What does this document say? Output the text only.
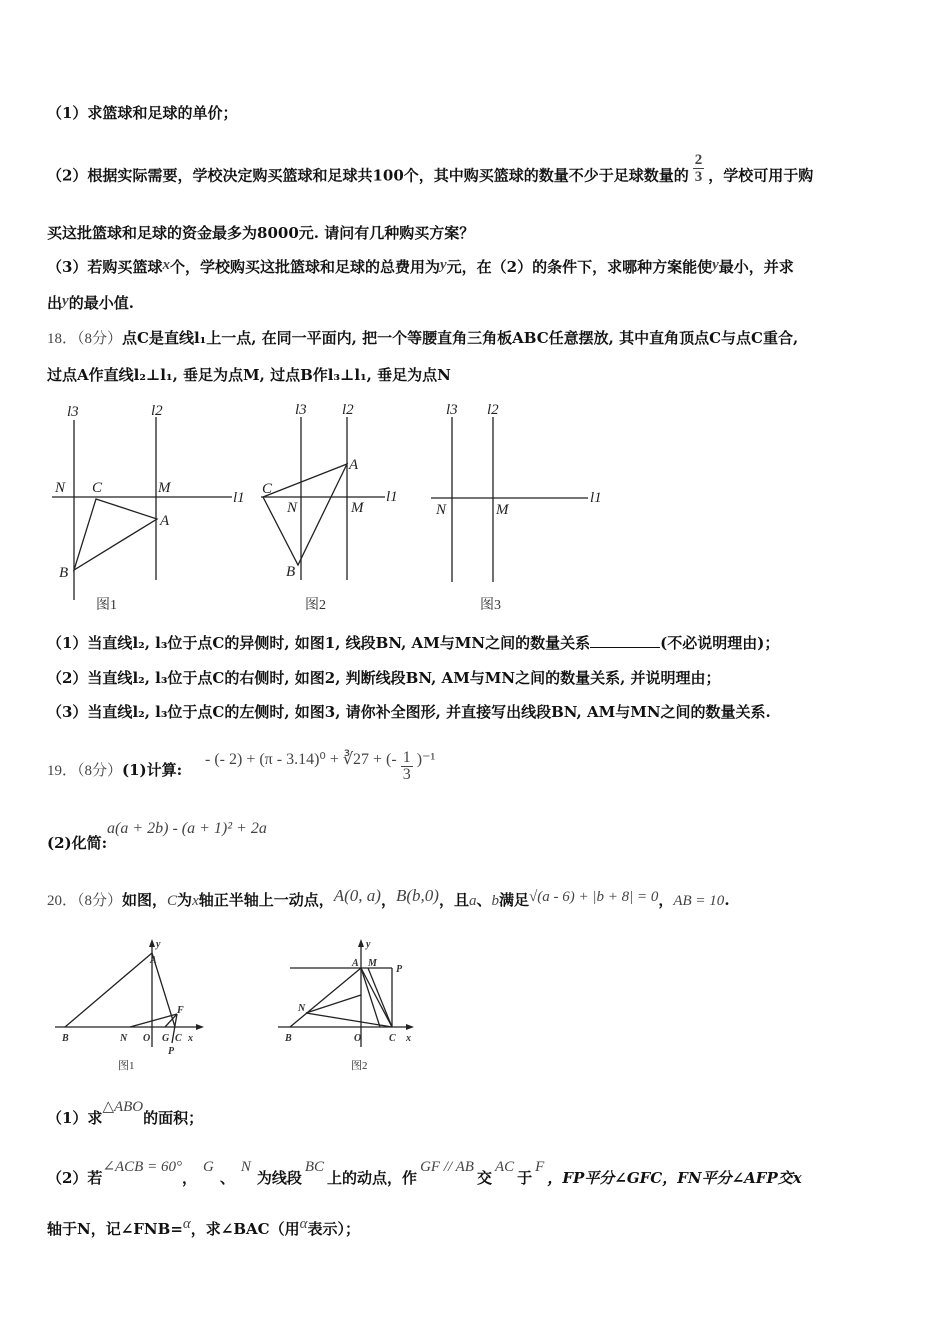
（1）求篮球和足球的单价；
（2）根据实际需要，学校决定购买篮球和足球共100个，其中购买篮球的数量不少于足球数量的 $\frac{2}{3}$ ，学校可用于购
买这批篮球和足球的资金最多为8000元. 请问有几种购买方案？
（3）若购买篮球x个，学校购买这批篮球和足球的总费用为y元，在（2）的条件下，求哪种方案能使y最小，并求
出y的最小值.
18．（8分）点C是直线l₁上一点, 在同一平面内, 把一个等腰直角三角板ABC任意摆放, 其中直角顶点C与点C重合,
过点A作直线l₂⊥l₁, 垂足为点M, 过点B作l₃⊥l₁, 垂足为点N
l3	l2
l1
N C	M
A
B
l3 l2
l1
C
N	M
A
B
l3 l2
l1
N	M
图1	图2	图3
（1）当直线l₂, l₃位于点C的异侧时, 如图1, 线段BN, AM与MN之间的数量关系	(不必说明理由)；
（2）当直线l₂, l₃位于点C的右侧时, 如图2, 判断线段BN, AM与MN之间的数量关系, 并说明理由；
（3）当直线l₂, l₃位于点C的左侧时, 如图3, 请你补全图形, 并直接写出线段BN, AM与MN之间的数量关系.
19．（8分）(1)计算:
- (- 2) + (π - 3.14)⁰ + ∛27 + (- $\frac{1}{3} )^{-1}$
(2)化简:
a(a + 2b) - (a + 1)² + 2a
20．（8分）如图，C为x轴正半轴上一动点，A(0, a)，B(b,0)，且a、b满足√(a - 6) + |b + 8| = 0，AB = 10.
y
A
F
B	N O G C x
P
y
A M
P
N
B	O	C x
图1	图2
（1）求△ABO的面积；
（2）若∠ACB = 60°，G、N为线段BC上的动点，作GF // AB交AC于F，FP平分∠GFC，FN平分∠AFP交x
轴于N，记∠FNB=α，求∠BAC（用α表示）；
